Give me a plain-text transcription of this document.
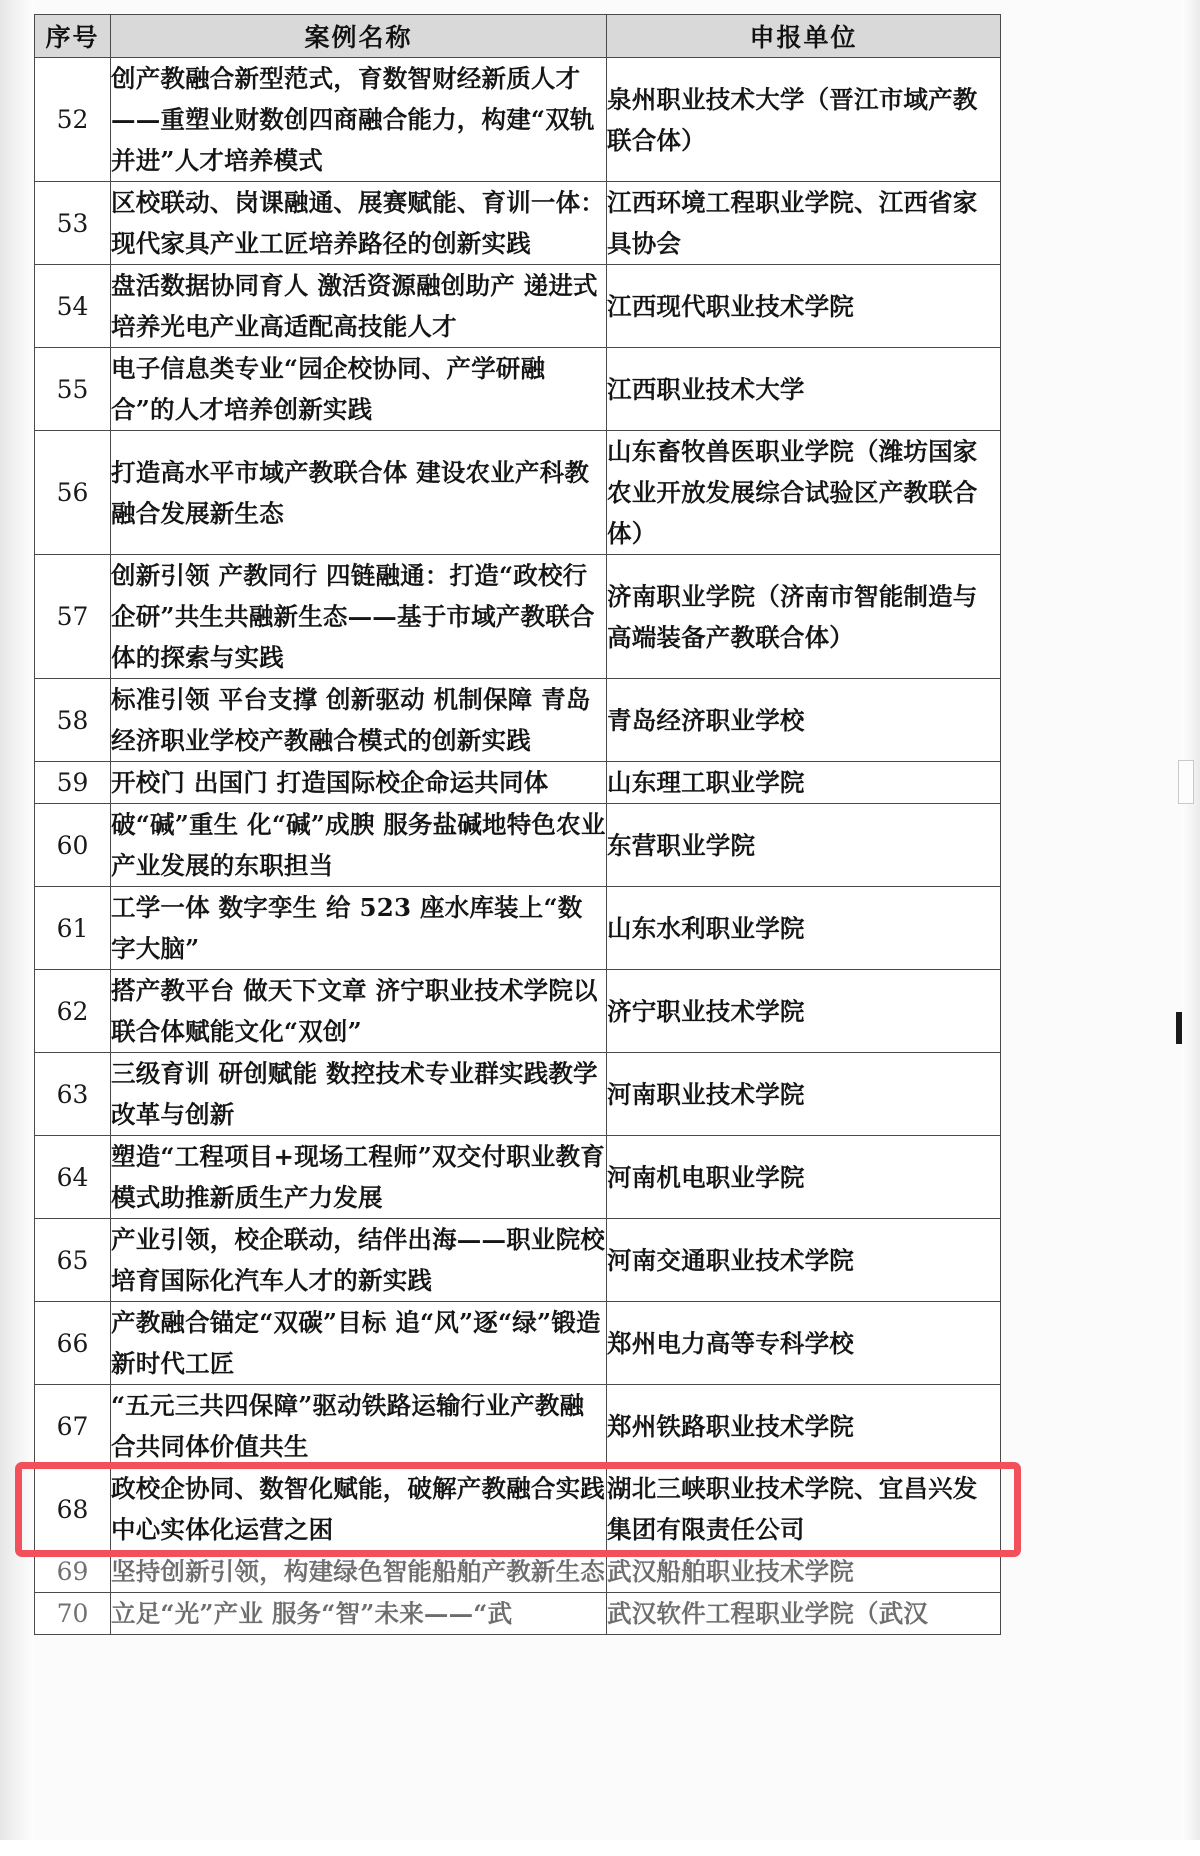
序号	案例名称	申报单位
52	创产教融合新型范式，育数智财经新质人才——重塑业财数创四商融合能力，构建“双轨并进”人才培养模式	泉州职业技术大学（晋江市域产教联合体）
53	区校联动、岗课融通、展赛赋能、育训一体：现代家具产业工匠培养路径的创新实践	江西环境工程职业学院、江西省家具协会
54	盘活数据协同育人 激活资源融创助产 递进式培养光电产业高适配高技能人才	江西现代职业技术学院
55	电子信息类专业“园企校协同、产学研融合”的人才培养创新实践	江西职业技术大学
56	打造高水平市域产教联合体 建设农业产科教融合发展新生态	山东畜牧兽医职业学院（潍坊国家农业开放发展综合试验区产教联合体）
57	创新引领 产教同行 四链融通：打造“政校行企研”共生共融新生态——基于市域产教联合体的探索与实践	济南职业学院（济南市智能制造与高端装备产教联合体）
58	标准引领 平台支撑 创新驱动 机制保障 青岛经济职业学校产教融合模式的创新实践	青岛经济职业学校
59	开校门 出国门 打造国际校企命运共同体	山东理工职业学院
60	破“碱”重生 化“碱”成腴 服务盐碱地特色农业产业发展的东职担当	东营职业学院
61	工学一体 数字孪生 给 523 座水库装上“数字大脑”	山东水利职业学院
62	搭产教平台 做天下文章 济宁职业技术学院以联合体赋能文化“双创”	济宁职业技术学院
63	三级育训 研创赋能 数控技术专业群实践教学改革与创新	河南职业技术学院
64	塑造“工程项目+现场工程师”双交付职业教育模式助推新质生产力发展	河南机电职业学院
65	产业引领，校企联动，结伴出海——职业院校培育国际化汽车人才的新实践	河南交通职业技术学院
66	产教融合锚定“双碳”目标 追“风”逐“绿”锻造新时代工匠	郑州电力高等专科学校
67	“五元三共四保障”驱动铁路运输行业产教融合共同体价值共生	郑州铁路职业技术学院
68	政校企协同、数智化赋能，破解产教融合实践中心实体化运营之困	湖北三峡职业技术学院、宜昌兴发集团有限责任公司
69	坚持创新引领，构建绿色智能船舶产教新生态	武汉船舶职业技术学院
70	立足“光”产业 服务“智”未来——“武	武汉软件工程职业学院（武汉
